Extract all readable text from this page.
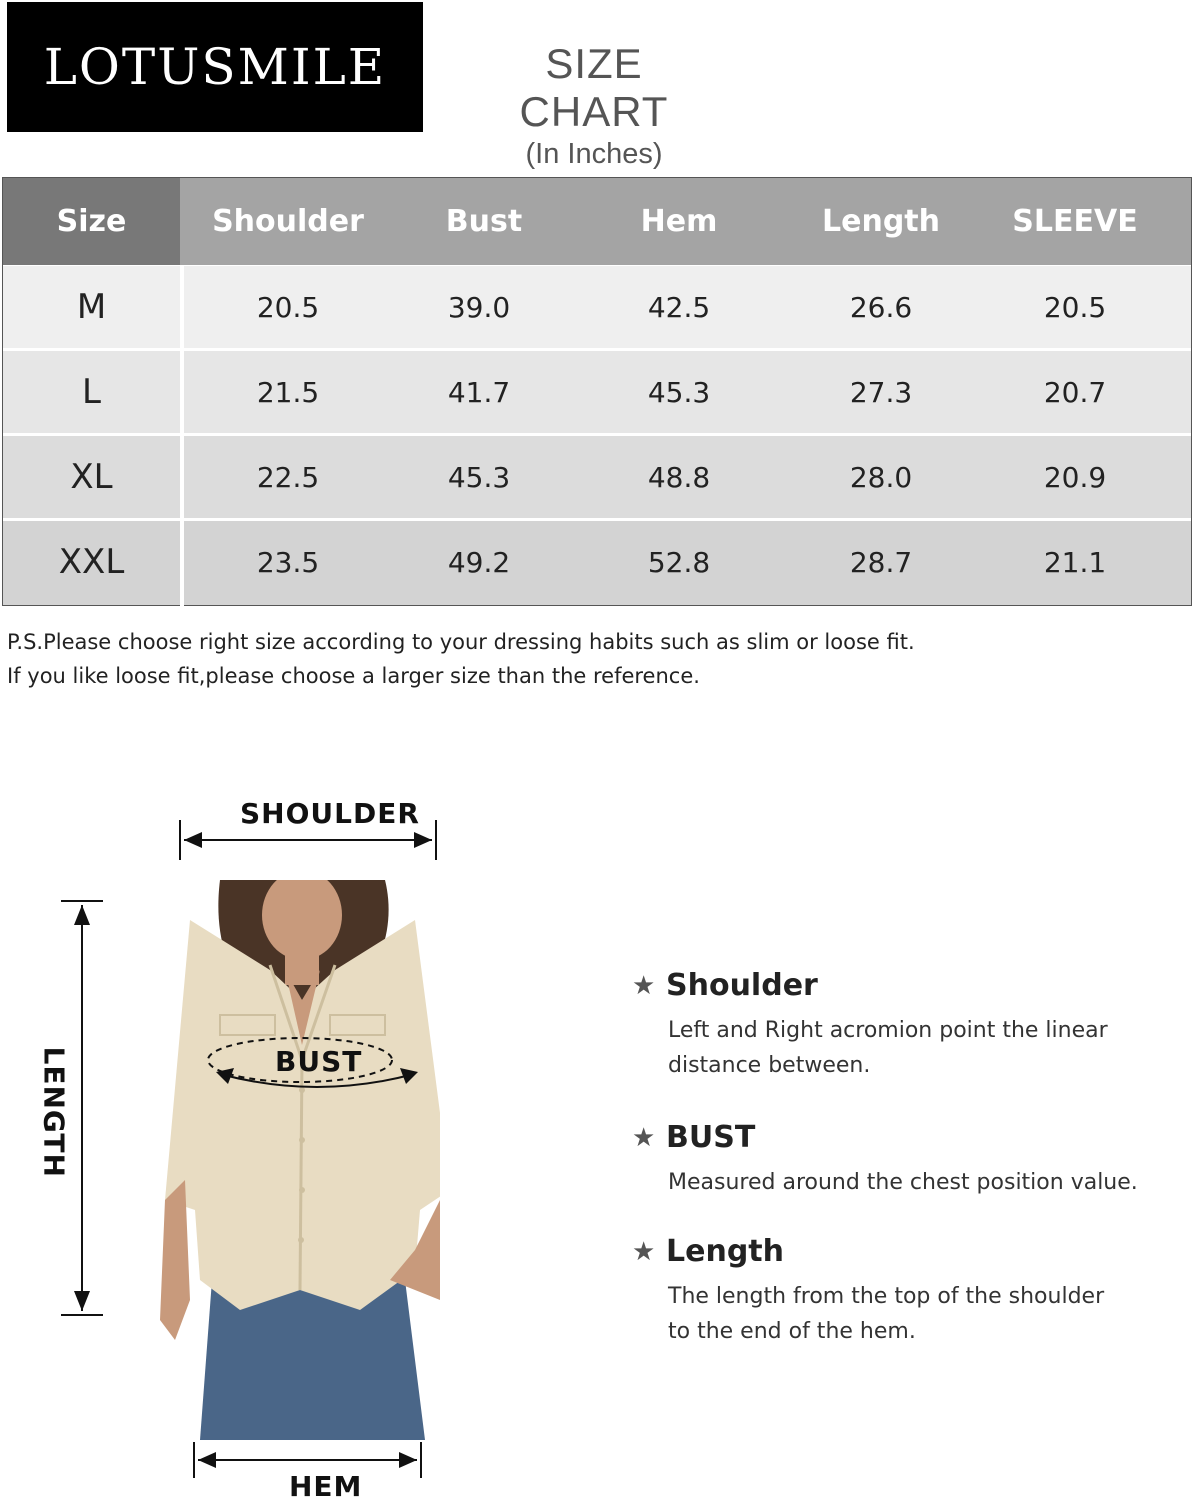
LOTUSMILE	SIZE CHART
(In Inches)
Size	Shoulder	Bust	Hem	Length	SLEEVE
M	20.5	39.0	42.5	26.6	20.5
L	21.5	41.7	45.3	27.3	20.7
XL	22.5	45.3	48.8	28.0	20.9
XXL	23.5	49.2	52.8	28.7	21.1
P.S.Please choose right size according to your dressing habits such as slim or loose fit.
If you like loose fit,please choose a larger size than the reference.
SHOULDER
LENGTH	BUST
HEM
★ Shoulder
Left and Right acromion point the linear distance between.
★ BUST
Measured around the chest position value.
★ Length
The length from the top of the shoulder to the end of the hem.
